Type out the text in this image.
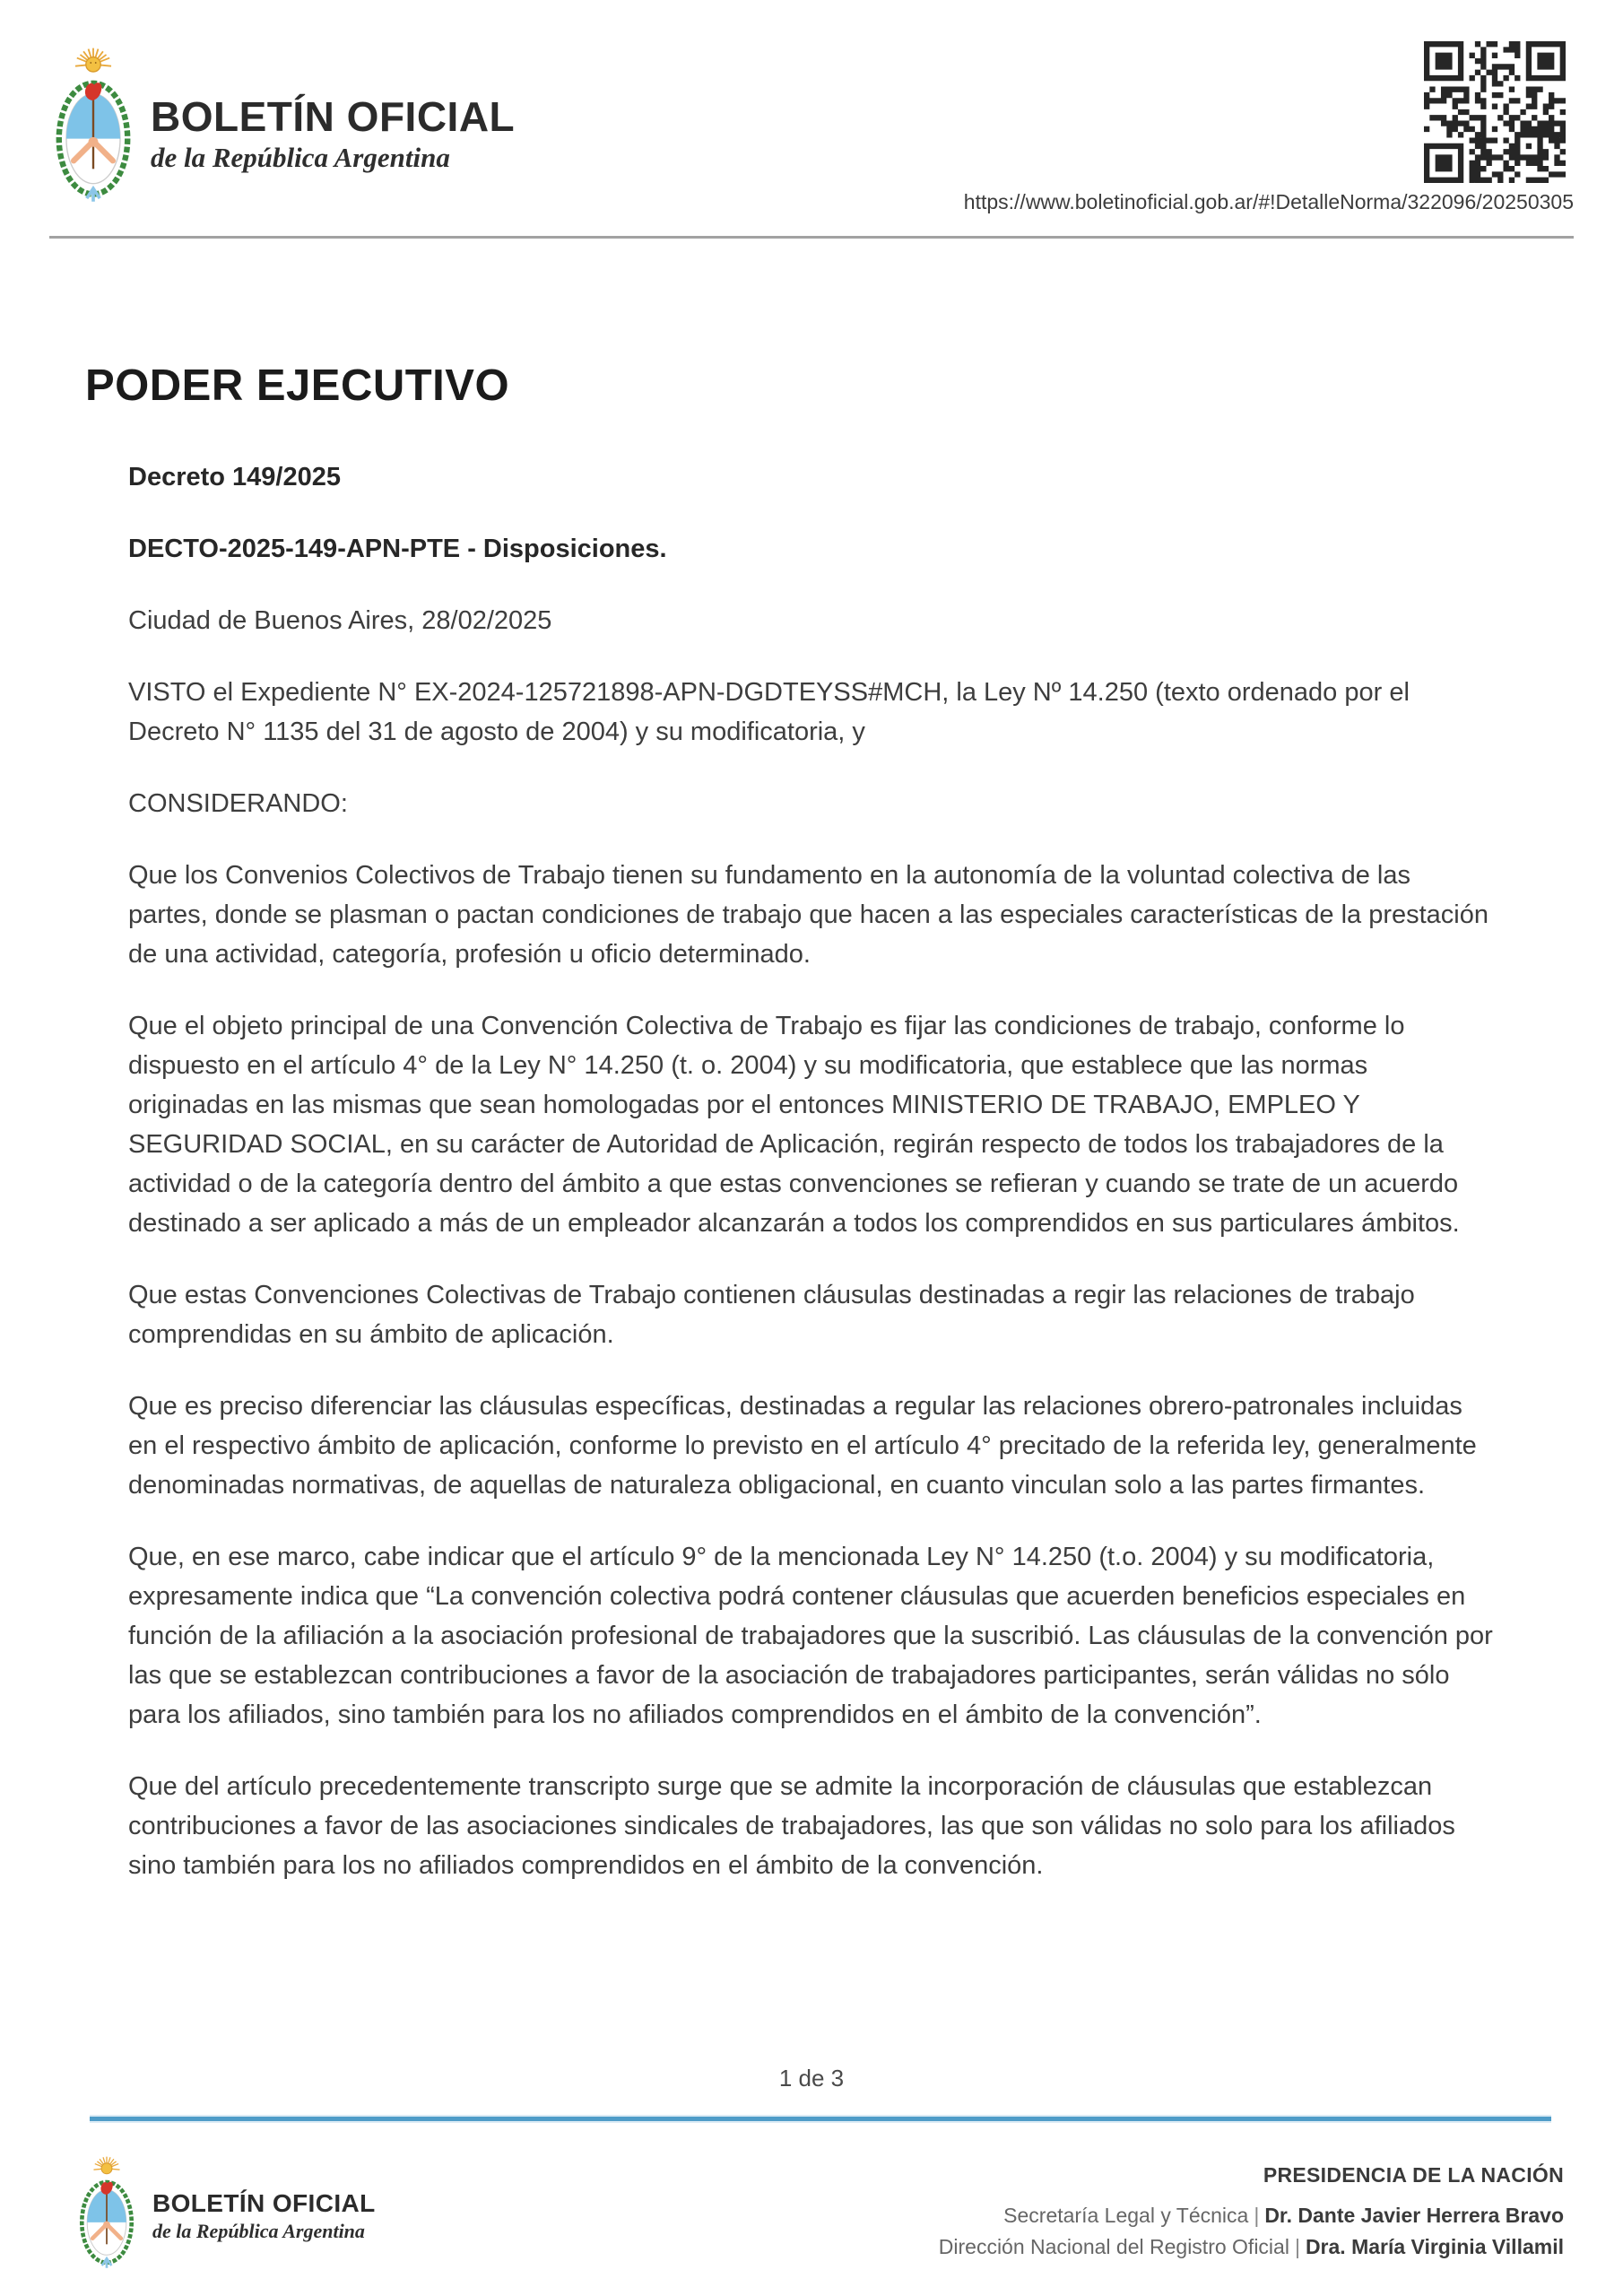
BOLETÍN OFICIAL
de la República Argentina
https://www.boletinoficial.gob.ar/#!DetalleNorma/322096/20250305
PODER EJECUTIVO

Decreto 149/2025

DECTO-2025-149-APN-PTE - Disposiciones.

Ciudad de Buenos Aires, 28/02/2025

VISTO el Expediente N° EX-2024-125721898-APN-DGDTEYSS#MCH, la Ley Nº 14.250 (texto ordenado por el Decreto N° 1135 del 31 de agosto de 2004) y su modificatoria, y

CONSIDERANDO:

Que los Convenios Colectivos de Trabajo tienen su fundamento en la autonomía de la voluntad colectiva de las partes, donde se plasman o pactan condiciones de trabajo que hacen a las especiales características de la prestación de una actividad, categoría, profesión u oficio determinado.

Que el objeto principal de una Convención Colectiva de Trabajo es fijar las condiciones de trabajo, conforme lo dispuesto en el artículo 4° de la Ley N° 14.250 (t. o. 2004) y su modificatoria, que establece que las normas originadas en las mismas que sean homologadas por el entonces MINISTERIO DE TRABAJO, EMPLEO Y SEGURIDAD SOCIAL, en su carácter de Autoridad de Aplicación, regirán respecto de todos los trabajadores de la actividad o de la categoría dentro del ámbito a que estas convenciones se refieran y cuando se trate de un acuerdo destinado a ser aplicado a más de un empleador alcanzarán a todos los comprendidos en sus particulares ámbitos.

Que estas Convenciones Colectivas de Trabajo contienen cláusulas destinadas a regir las relaciones de trabajo comprendidas en su ámbito de aplicación.

Que es preciso diferenciar las cláusulas específicas, destinadas a regular las relaciones obrero-patronales incluidas en el respectivo ámbito de aplicación, conforme lo previsto en el artículo 4° precitado de la referida ley, generalmente denominadas normativas, de aquellas de naturaleza obligacional, en cuanto vinculan solo a las partes firmantes.

Que, en ese marco, cabe indicar que el artículo 9° de la mencionada Ley N° 14.250 (t.o. 2004) y su modificatoria, expresamente indica que “La convención colectiva podrá contener cláusulas que acuerden beneficios especiales en función de la afiliación a la asociación profesional de trabajadores que la suscribió. Las cláusulas de la convención por las que se establezcan contribuciones a favor de la asociación de trabajadores participantes, serán válidas no sólo para los afiliados, sino también para los no afiliados comprendidos en el ámbito de la convención”.

Que del artículo precedentemente transcripto surge que se admite la incorporación de cláusulas que establezcan contribuciones a favor de las asociaciones sindicales de trabajadores, las que son válidas no solo para los afiliados sino también para los no afiliados comprendidos en el ámbito de la convención.

1 de 3
BOLETÍN OFICIAL
de la República Argentina
PRESIDENCIA DE LA NACIÓN
Secretaría Legal y Técnica | Dr. Dante Javier Herrera Bravo
Dirección Nacional del Registro Oficial | Dra. María Virginia Villamil
